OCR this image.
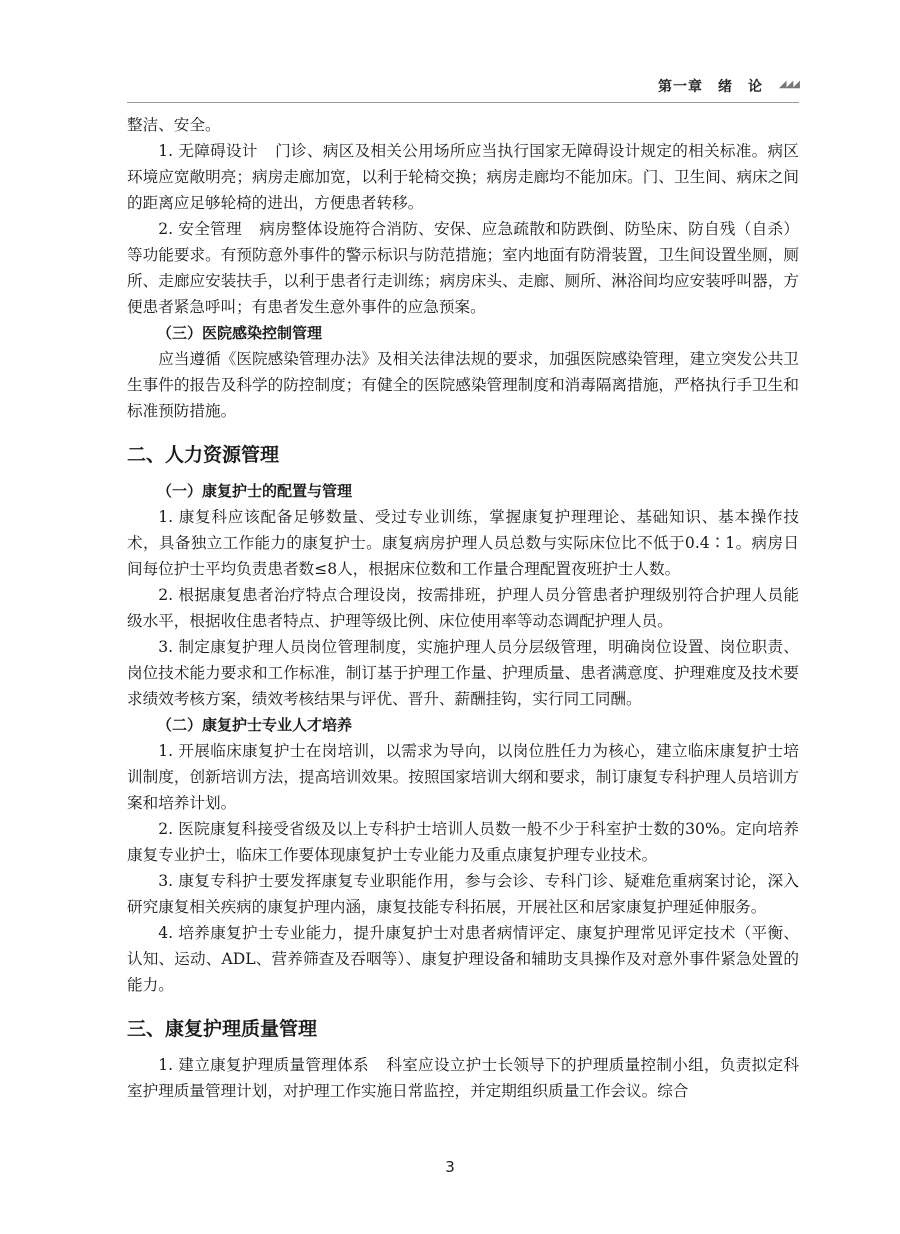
第一章　绪　论 ◢◢◢

整洁、安全。

1. 无障碍设计 门诊、病区及相关公用场所应当执行国家无障碍设计规定的相关标准。病区环境应宽敞明亮；病房走廊加宽，以利于轮椅交换；病房走廊均不能加床。门、卫生间、病床之间的距离应足够轮椅的进出，方便患者转移。

2. 安全管理 病房整体设施符合消防、安保、应急疏散和防跌倒、防坠床、防自残（自杀）等功能要求。有预防意外事件的警示标识与防范措施；室内地面有防滑装置，卫生间设置坐厕，厕所、走廊应安装扶手，以利于患者行走训练；病房床头、走廊、厕所、淋浴间均应安装呼叫器，方便患者紧急呼叫；有患者发生意外事件的应急预案。

（三）医院感染控制管理

应当遵循《医院感染管理办法》及相关法律法规的要求，加强医院感染管理，建立突发公共卫生事件的报告及科学的防控制度；有健全的医院感染管理制度和消毒隔离措施，严格执行手卫生和标准预防措施。

二、人力资源管理

（一）康复护士的配置与管理

1. 康复科应该配备足够数量、受过专业训练，掌握康复护理理论、基础知识、基本操作技术，具备独立工作能力的康复护士。康复病房护理人员总数与实际床位比不低于0.4∶1。病房日间每位护士平均负责患者数≤8人，根据床位数和工作量合理配置夜班护士人数。

2. 根据康复患者治疗特点合理设岗，按需排班，护理人员分管患者护理级别符合护理人员能级水平，根据收住患者特点、护理等级比例、床位使用率等动态调配护理人员。

3. 制定康复护理人员岗位管理制度，实施护理人员分层级管理，明确岗位设置、岗位职责、岗位技术能力要求和工作标准，制订基于护理工作量、护理质量、患者满意度、护理难度及技术要求绩效考核方案，绩效考核结果与评优、晋升、薪酬挂钩，实行同工同酬。

（二）康复护士专业人才培养

1. 开展临床康复护士在岗培训，以需求为导向，以岗位胜任力为核心，建立临床康复护士培训制度，创新培训方法，提高培训效果。按照国家培训大纲和要求，制订康复专科护理人员培训方案和培养计划。

2. 医院康复科接受省级及以上专科护士培训人员数一般不少于科室护士数的30%。定向培养康复专业护士，临床工作要体现康复护士专业能力及重点康复护理专业技术。

3. 康复专科护士要发挥康复专业职能作用，参与会诊、专科门诊、疑难危重病案讨论，深入研究康复相关疾病的康复护理内涵，康复技能专科拓展，开展社区和居家康复护理延伸服务。

4. 培养康复护士专业能力，提升康复护士对患者病情评定、康复护理常见评定技术（平衡、认知、运动、ADL、营养筛查及吞咽等）、康复护理设备和辅助支具操作及对意外事件紧急处置的能力。

三、康复护理质量管理

1. 建立康复护理质量管理体系 科室应设立护士长领导下的护理质量控制小组，负责拟定科室护理质量管理计划，对护理工作实施日常监控，并定期组织质量工作会议。综合

3
